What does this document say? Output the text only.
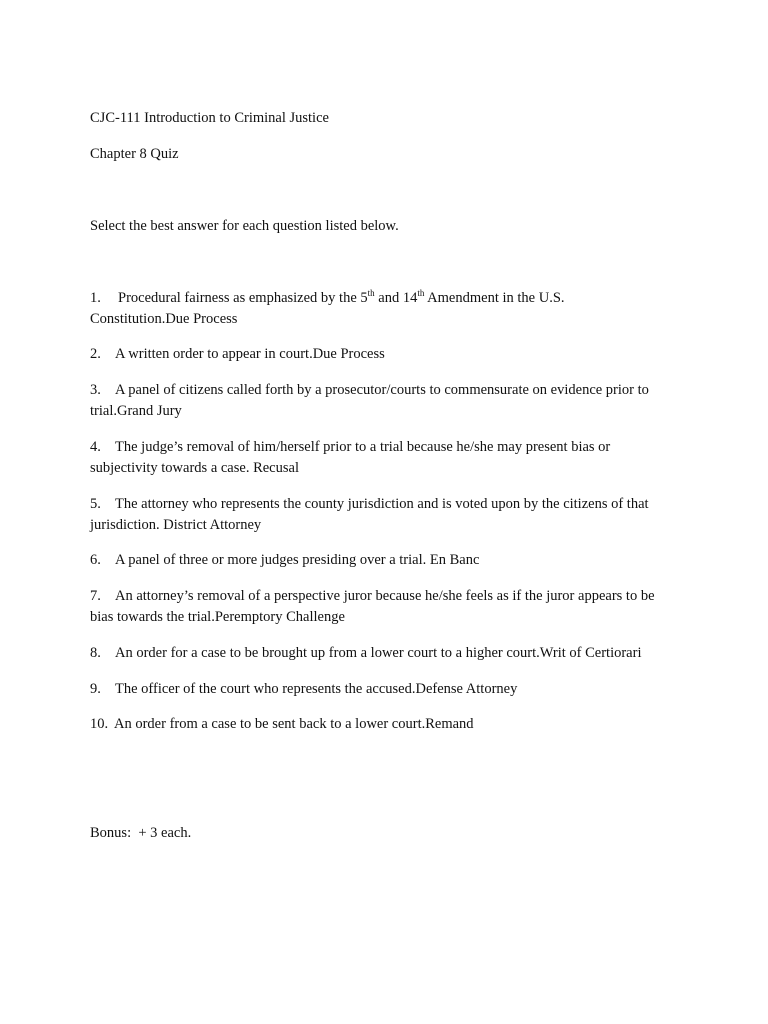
CJC-111 Introduction to Criminal Justice
Chapter 8 Quiz
Select the best answer for each question listed below.
1. Procedural fairness as emphasized by the 5th and 14th Amendment in the U.S.
Constitution.Due Process
2. A written order to appear in court.Due Process
3. A panel of citizens called forth by a prosecutor/courts to commensurate on evidence prior to
trial.Grand Jury
4. The judge’s removal of him/herself prior to a trial because he/she may present bias or
subjectivity towards a case. Recusal
5. The attorney who represents the county jurisdiction and is voted upon by the citizens of that
jurisdiction. District Attorney
6. A panel of three or more judges presiding over a trial. En Banc
7. An attorney’s removal of a perspective juror because he/she feels as if the juror appears to be
bias towards the trial.Peremptory Challenge
8. An order for a case to be brought up from a lower court to a higher court.Writ of Certiorari
9. The officer of the court who represents the accused.Defense Attorney
10. An order from a case to be sent back to a lower court.Remand
Bonus:  + 3 each.
